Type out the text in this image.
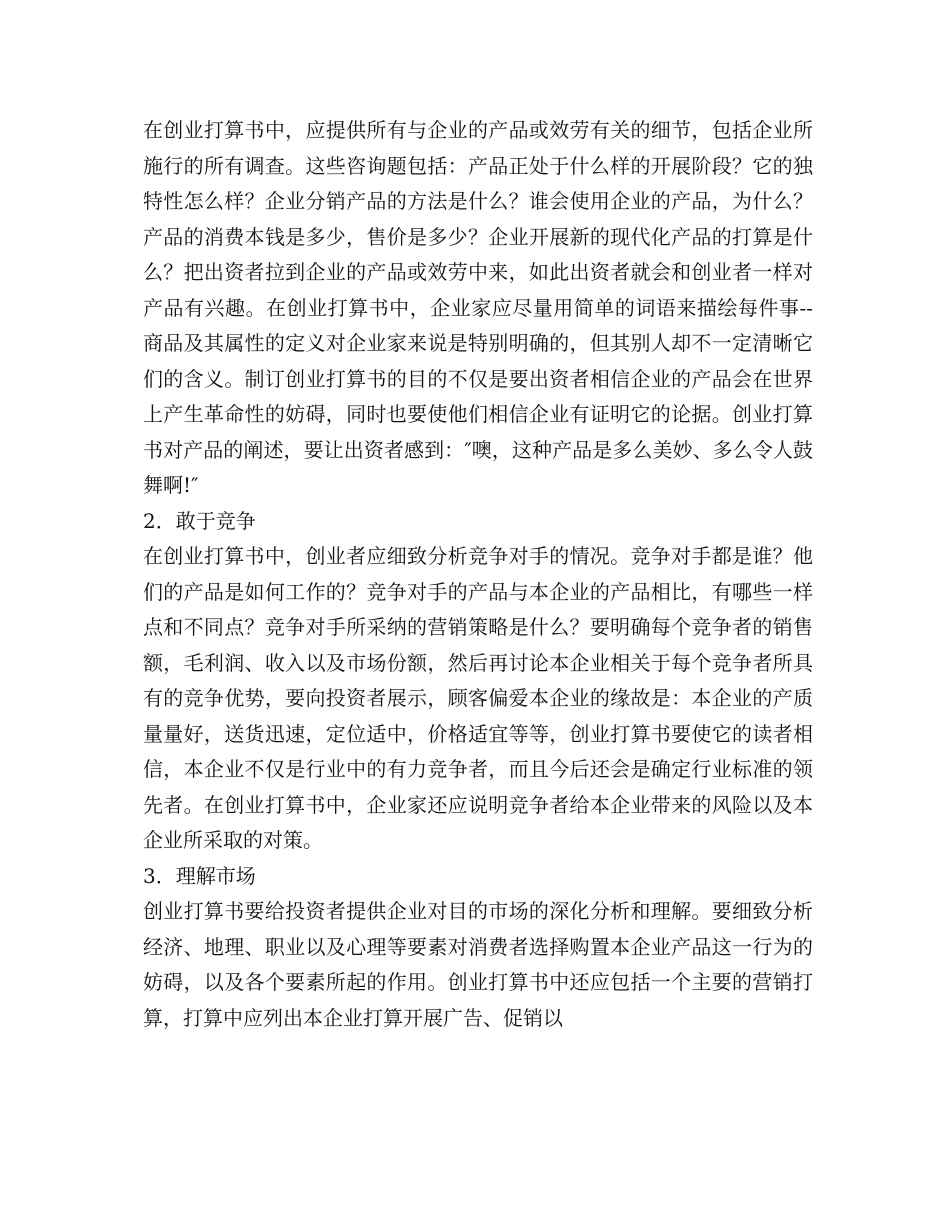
在创业打算书中，应提供所有与企业的产品或效劳有关的细节，包括企业所施行的所有调查。这些咨询题包括：产品正处于什么样的开展阶段？它的独特性怎么样？企业分销产品的方法是什么？谁会使用企业的产品，为什么？产品的消费本钱是多少，售价是多少？企业开展新的现代化产品的打算是什么？把出资者拉到企业的产品或效劳中来，如此出资者就会和创业者一样对产品有兴趣。在创业打算书中，企业家应尽量用简单的词语来描绘每件事--商品及其属性的定义对企业家来说是特别明确的，但其别人却不一定清晰它们的含义。制订创业打算书的目的不仅是要出资者相信企业的产品会在世界上产生革命性的妨碍，同时也要使他们相信企业有证明它的论据。创业打算书对产品的阐述，要让出资者感到：″噢，这种产品是多么美妙、多么令人鼓舞啊!″

2．敢于竞争

在创业打算书中，创业者应细致分析竞争对手的情况。竞争对手都是谁？他们的产品是如何工作的？竞争对手的产品与本企业的产品相比，有哪些一样点和不同点？竞争对手所采纳的营销策略是什么？要明确每个竞争者的销售额，毛利润、收入以及市场份额，然后再讨论本企业相关于每个竞争者所具有的竞争优势，要向投资者展示，顾客偏爱本企业的缘故是：本企业的产质量量好，送货迅速，定位适中，价格适宜等等，创业打算书要使它的读者相信，本企业不仅是行业中的有力竞争者，而且今后还会是确定行业标准的领先者。在创业打算书中，企业家还应说明竞争者给本企业带来的风险以及本企业所采取的对策。

3．理解市场

创业打算书要给投资者提供企业对目的市场的深化分析和理解。要细致分析经济、地理、职业以及心理等要素对消费者选择购置本企业产品这一行为的妨碍，以及各个要素所起的作用。创业打算书中还应包括一个主要的营销打算，打算中应列出本企业打算开展广告、促销以
